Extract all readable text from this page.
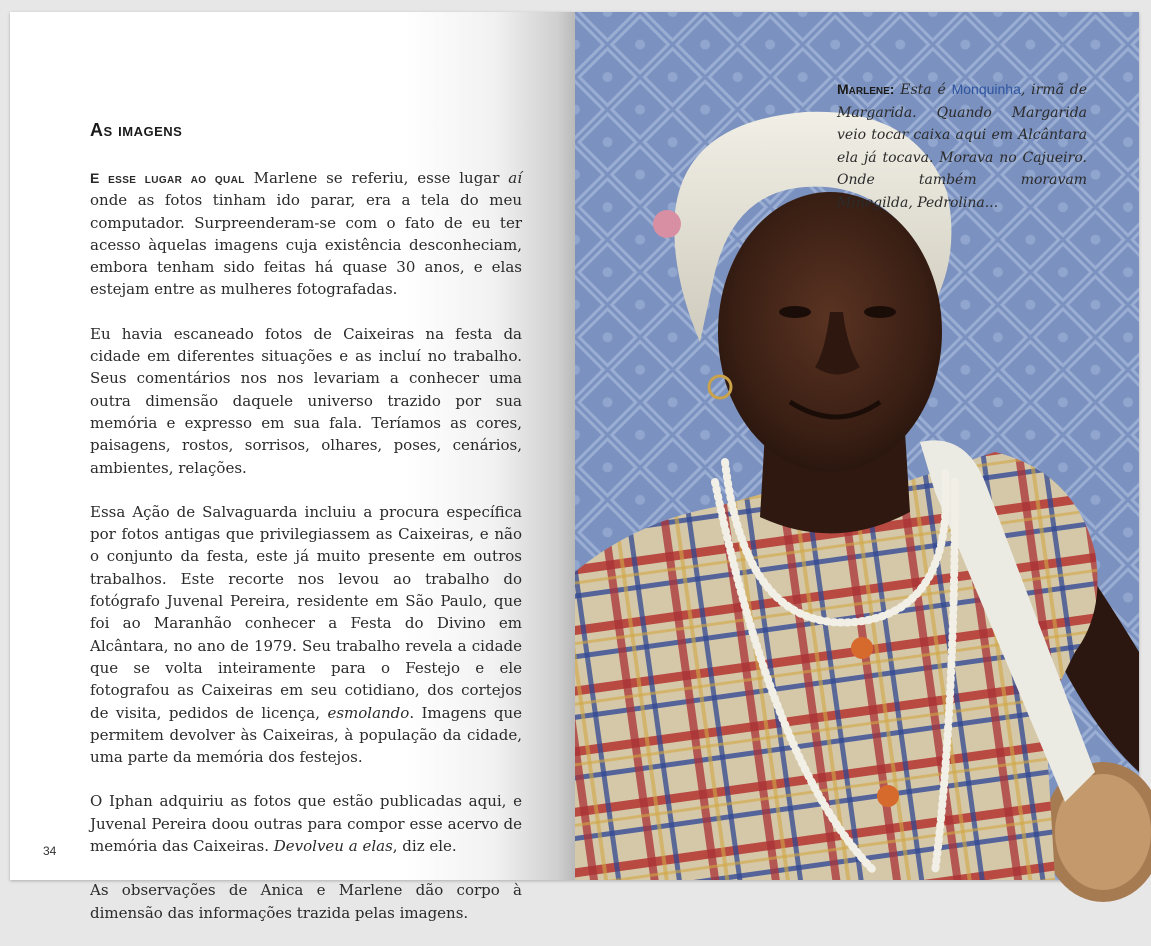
As imagens

E esse lugar ao qual Marlene se referiu, esse lugar aí onde as fotos tinham ido parar, era a tela do meu computador. Surpreenderam-se com o fato de eu ter acesso àquelas imagens cuja existência desconheciam, embora tenham sido feitas há quase 30 anos, e elas estejam entre as mulheres fotografadas.

Eu havia escaneado fotos de Caixeiras na festa da cidade em diferentes situações e as incluí no trabalho. Seus comentários nos nos levariam a conhecer uma outra dimensão daquele universo trazido por sua memória e expresso em sua fala. Teríamos as cores, paisagens, rostos, sorrisos, olhares, poses, cenários, ambientes, relações.

Essa Ação de Salvaguarda incluiu a procura específica por fotos antigas que privilegiassem as Caixeiras, e não o conjunto da festa, este já muito presente em outros trabalhos. Este recorte nos levou ao trabalho do fotógrafo Juvenal Pereira, residente em São Paulo, que foi ao Maranhão conhecer a Festa do Divino em Alcântara, no ano de 1979. Seu trabalho revela a cidade que se volta inteiramente para o Festejo e ele fotografou as Caixeiras em seu cotidiano, dos cortejos de visita, pedidos de licença, esmolando. Imagens que permitem devolver às Caixeiras, à população da cidade, uma parte da memória dos festejos.

O Iphan adquiriu as fotos que estão publicadas aqui, e Juvenal Pereira doou outras para compor esse acervo de memória das Caixeiras. Devolveu a elas, diz ele.

As observações de Anica e Marlene dão corpo à dimensão das informações trazida pelas imagens.

34
Marlene: Esta é Monquinha, irmã de Margarida. Quando Margarida veio tocar caixa aqui em Alcântara ela já tocava. Morava no Cajueiro. Onde também moravam Minegilda, Pedrolina...
